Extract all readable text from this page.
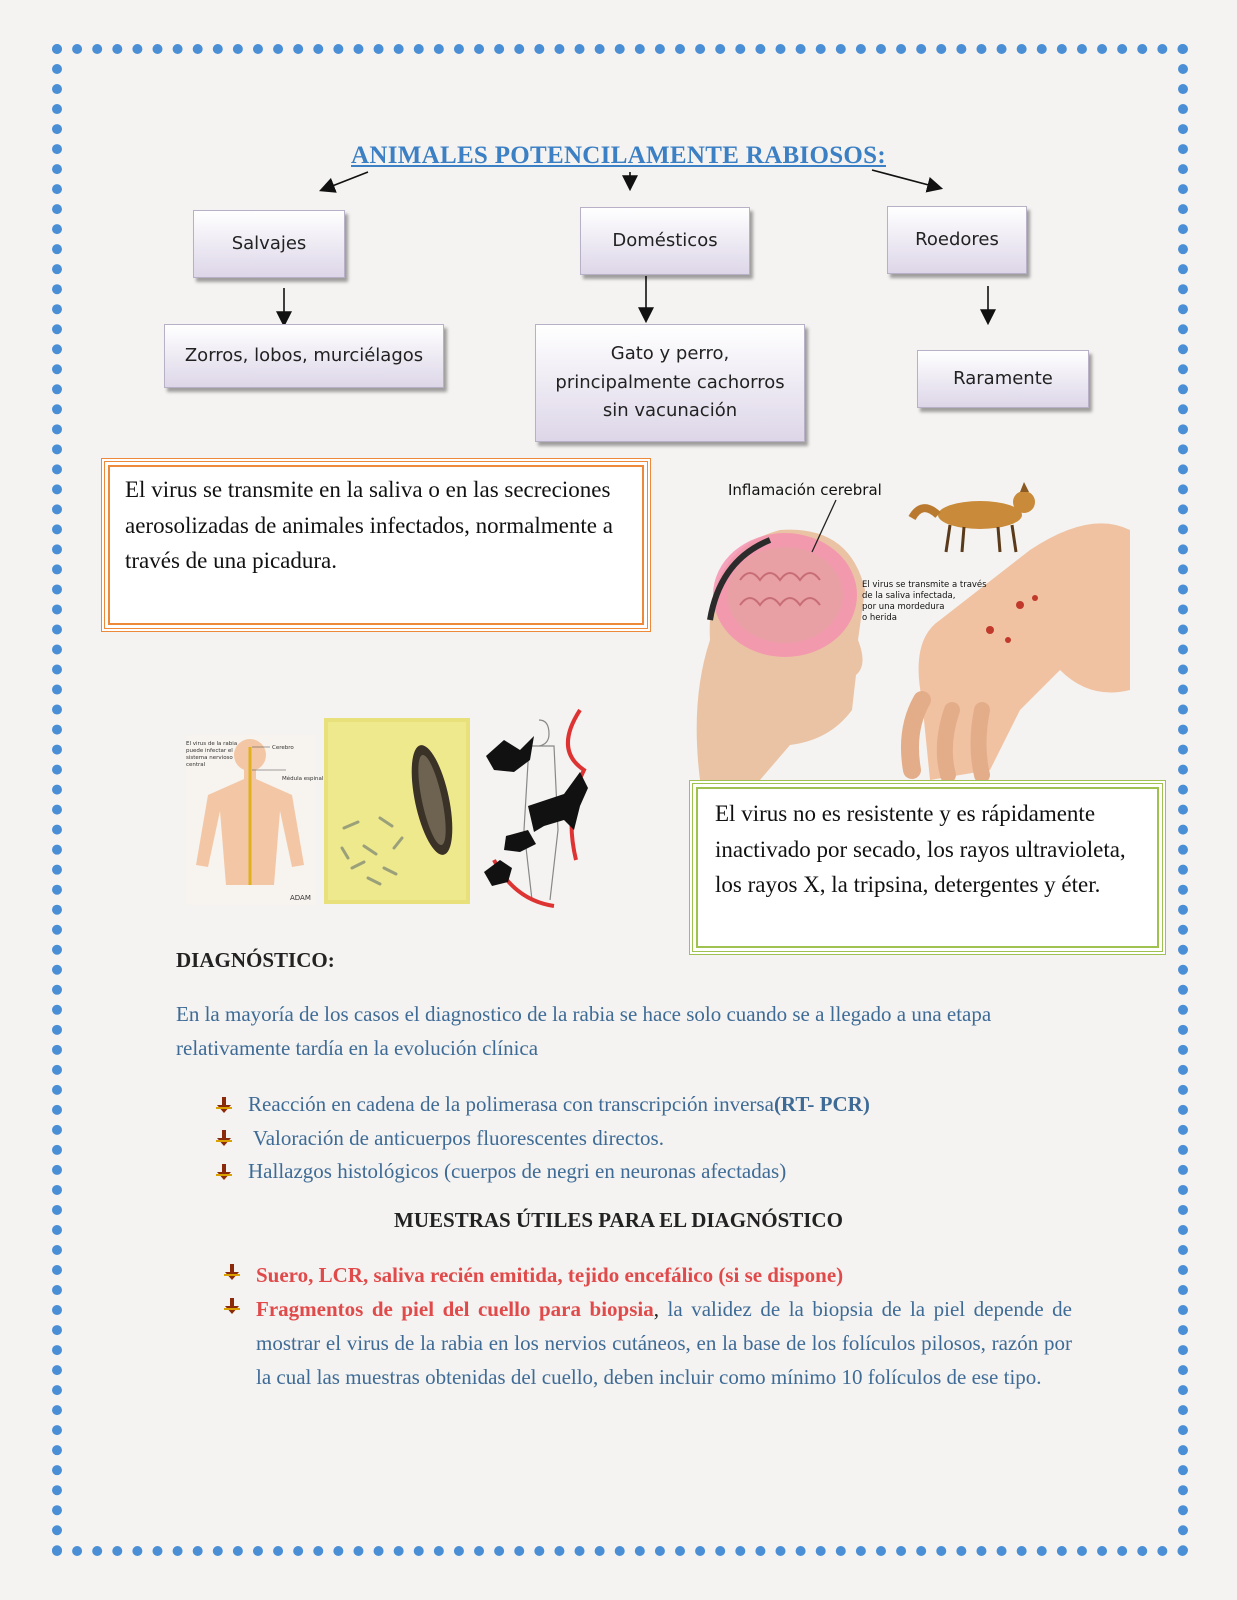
ANIMALES POTENCILAMENTE RABIOSOS:
Salvajes	Domésticos	Roedores
Zorros, lobos, murciélagos	Gato y perro,
principalmente cachorros
sin vacunación
Raramente
El virus se transmite en la saliva o en las secreciones aerosolizadas de animales infectados, normalmente a través de una picadura.
Inflamación cerebral
El virus se transmite a través
de la saliva infectada,
por una mordedura
o herida
El virus de la rabia
puede infectar el
sistema nervioso
central
Cerebro
Médula espinal
ADAM
El virus no es resistente y es rápidamente inactivado por secado, los rayos ultravioleta, los rayos X, la tripsina, detergentes y éter.
DIAGNÓSTICO:
En la mayoría de los casos el diagnostico de la rabia se hace solo cuando se a llegado a una etapa relativamente tardía en la evolución clínica
Reacción en cadena de la polimerasa con transcripción inversa (RT- PCR)
Valoración de anticuerpos fluorescentes directos.
Hallazgos histológicos (cuerpos de negri en neuronas afectadas)
MUESTRAS ÚTILES PARA EL DIAGNÓSTICO
Suero, LCR, saliva recién emitida, tejido encefálico (si se dispone)
Fragmentos de piel del cuello para biopsia, la validez de la biopsia de la piel depende de mostrar el virus de la rabia en los nervios cutáneos, en la base de los folículos pilosos, razón por la cual las muestras obtenidas del cuello, deben incluir como mínimo 10 folículos de ese tipo.
